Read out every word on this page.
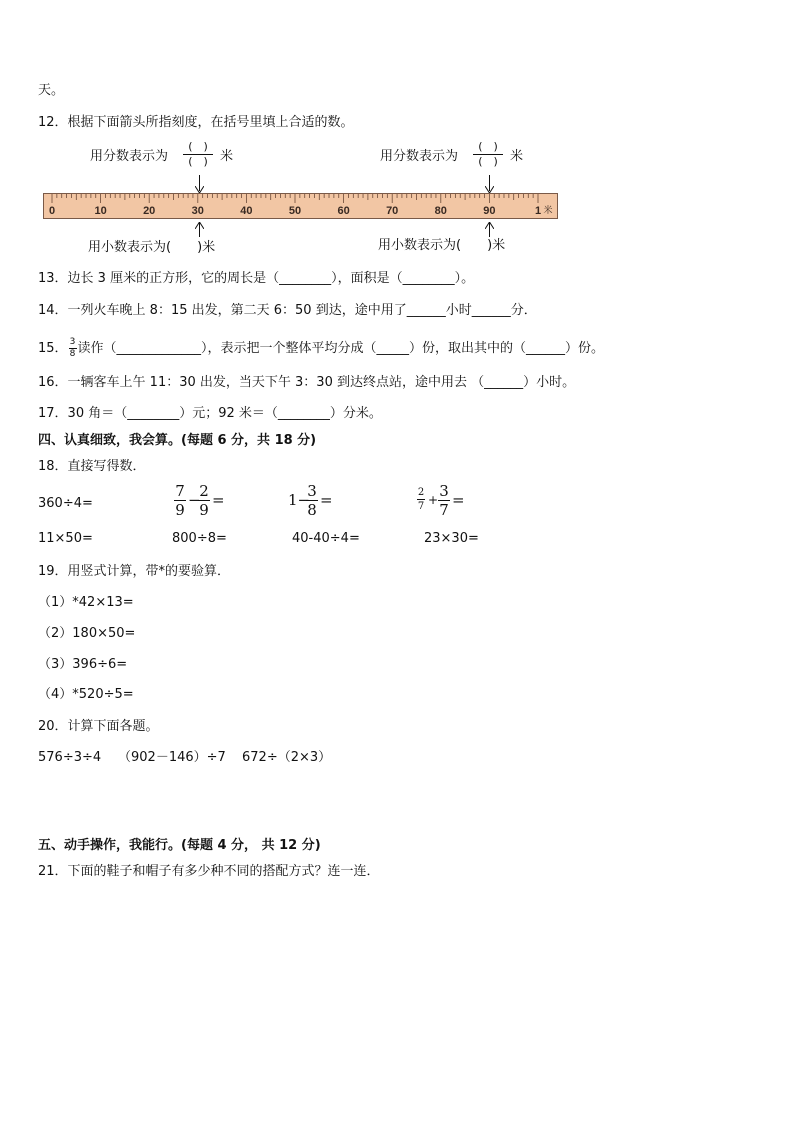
天。
12．根据下面箭头所指刻度，在括号里填上合适的数。
用分数表示为
(　)
(　) 米	用分数表示为
(　)
(　) 米
0	10	20	30	40	50	60	70	80	90	1 米
用小数表示为(　　)米	用小数表示为(　　)米
13．边长 3 厘米的正方形，它的周长是（________），面积是（________）。
14．一列火车晚上 8：15 出发，第二天 6：50 到达，途中用了______小时______分．
15． $\frac{3}{8}$ 读作（_____________），表示把一个整体平均分成（_____）份，取出其中的（______）份。
16．一辆客车上午 11：30 出发，当天下午 3：30 到达终点站，途中用去 （______）小时。
17．30 角＝（________）元；92 米＝（________）分米。
四、认真细致，我会算。(每题 6 分，共 18 分)
18．直接写得数．
360÷4=
7
9
−
2
9
=	1−
3
8
=	2
7 + 3
7
=
11×50=	800÷8=	40-40÷4=	23×30=
19．用竖式计算，带*的要验算．
（1）*42×13=
（2）180×50=
（3）396÷6=
（4）*520÷5=
20．计算下面各题。
576÷3÷4 （902－146）÷7 672÷（2×3）
五、动手操作，我能行。(每题 4 分， 共 12 分)
21．下面的鞋子和帽子有多少种不同的搭配方式？连一连．
